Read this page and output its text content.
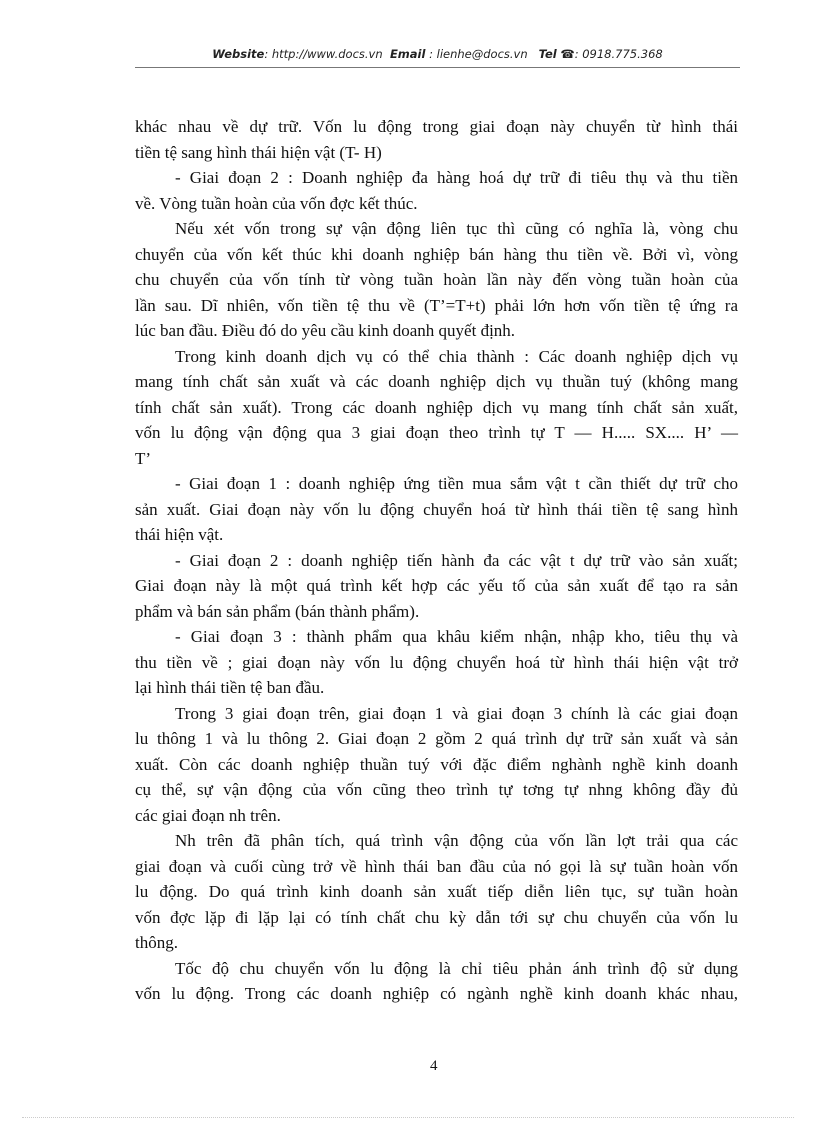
Website: http://www.docs.vn Email : lienhe@docs.vn Tel ☎: 0918.775.368
khác nhau về dự trữ. Vốn lu động trong giai đoạn này chuyển từ hình thái
tiền tệ sang hình thái hiện vật (T- H)
- Giai đoạn 2 : Doanh nghiệp đa hàng hoá dự trữ đi tiêu thụ và thu tiền
về. Vòng tuần hoàn của vốn đợc kết thúc.
Nếu xét vốn trong sự vận động liên tục thì cũng có nghĩa là, vòng chu
chuyển của vốn kết thúc khi doanh nghiệp bán hàng thu tiền về. Bởi vì, vòng
chu chuyển của vốn tính từ vòng tuần hoàn lần này đến vòng tuần hoàn của
lần sau. Dĩ nhiên, vốn tiền tệ thu về (T’=T+t) phải lớn hơn vốn tiền tệ ứng ra
lúc ban đầu. Điều đó do yêu cầu kinh doanh quyết định.
Trong kinh doanh dịch vụ có thể chia thành : Các doanh nghiệp dịch vụ
mang tính chất sản xuất và các doanh nghiệp dịch vụ thuần tuý (không mang
tính chất sản xuất). Trong các doanh nghiệp dịch vụ mang tính chất sản xuất,
vốn lu động vận động qua 3 giai đoạn theo trình tự T — H..... SX.... H’ —
T’
- Giai đoạn 1 : doanh nghiệp ứng tiền mua sắm vật t cần thiết dự trữ cho
sản xuất. Giai đoạn này vốn lu động chuyển hoá từ hình thái tiền tệ sang hình
thái hiện vật.
- Giai đoạn 2 : doanh nghiệp tiến hành đa các vật t dự trữ vào sản xuất;
Giai đoạn này là một quá trình kết hợp các yếu tố của sản xuất để tạo ra sản
phẩm và bán sản phẩm (bán thành phẩm).
- Giai đoạn 3 : thành phẩm qua khâu kiểm nhận, nhập kho, tiêu thụ và
thu tiền về ; giai đoạn này vốn lu động chuyển hoá từ hình thái hiện vật trở
lại hình thái tiền tệ ban đầu.
Trong 3 giai đoạn trên, giai đoạn 1 và giai đoạn 3 chính là các giai đoạn
lu thông 1 và lu thông 2. Giai đoạn 2 gồm 2 quá trình dự trữ sản xuất và sản
xuất. Còn các doanh nghiệp thuần tuý với đặc điểm nghành nghề kinh doanh
cụ thể, sự vận động của vốn cũng theo trình tự tơng tự nhng không đầy đủ
các giai đoạn nh trên.
Nh trên đã phân tích, quá trình vận động của vốn lần lợt trải qua các
giai đoạn và cuối cùng trở về hình thái ban đầu của nó gọi là sự tuần hoàn vốn
lu động. Do quá trình kinh doanh sản xuất tiếp diễn liên tục, sự tuần hoàn
vốn đợc lặp đi lặp lại có tính chất chu kỳ dẫn tới sự chu chuyển của vốn lu
thông.
Tốc độ chu chuyển vốn lu động là chỉ tiêu phản ánh trình độ sử dụng
vốn lu động. Trong các doanh nghiệp có ngành nghề kinh doanh khác nhau,
4
